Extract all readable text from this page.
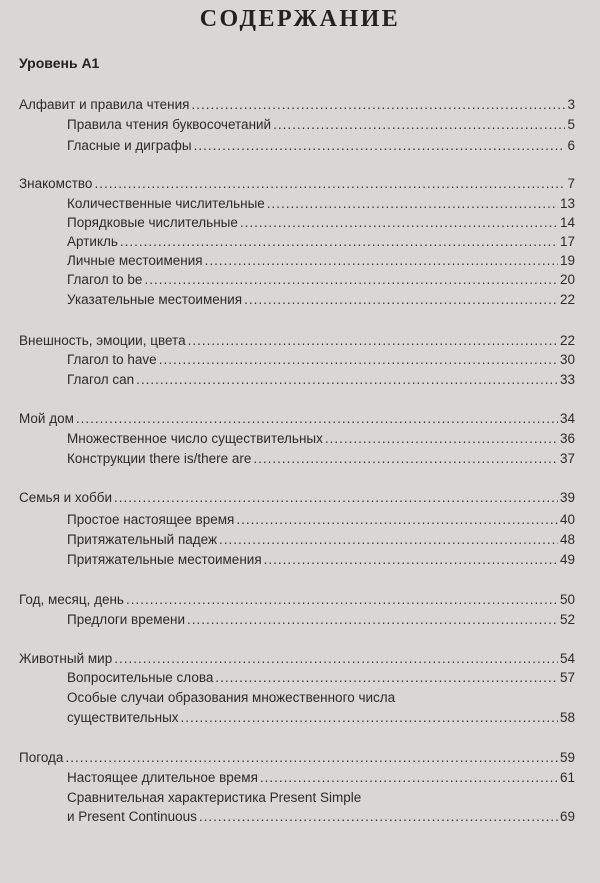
СОДЕРЖАНИЕ
Уровень А1
Алфавит и правила чтения .....	3
Правила чтения буквосочетаний .....	5
Гласные и диграфы .....	6
Знакомство .....	7
Количественные числительные .....	13
Порядковые числительные .....	14
Артикль .....	17
Личные местоимения .....	19
Глагол to be .....	20
Указательные местоимения .....	22
Внешность, эмоции, цвета .....	22
Глагол to have .....	30
Глагол can .....	33
Мой дом .....	34
Множественное число существительных .....	36
Конструкции there is/there are .....	37
Семья и хобби .....	39
Простое настоящее время .....	40
Притяжательный падеж .....	48
Притяжательные местоимения .....	49
Год, месяц, день .....	50
Предлоги времени .....	52
Животный мир .....	54
Вопросительные слова .....	57
Особые случаи образования множественного числа
существительных .....	58
Погода .....	59
Настоящее длительное время .....	61
Сравнительная характеристика Present Simple
и Present Continuous .....	69
